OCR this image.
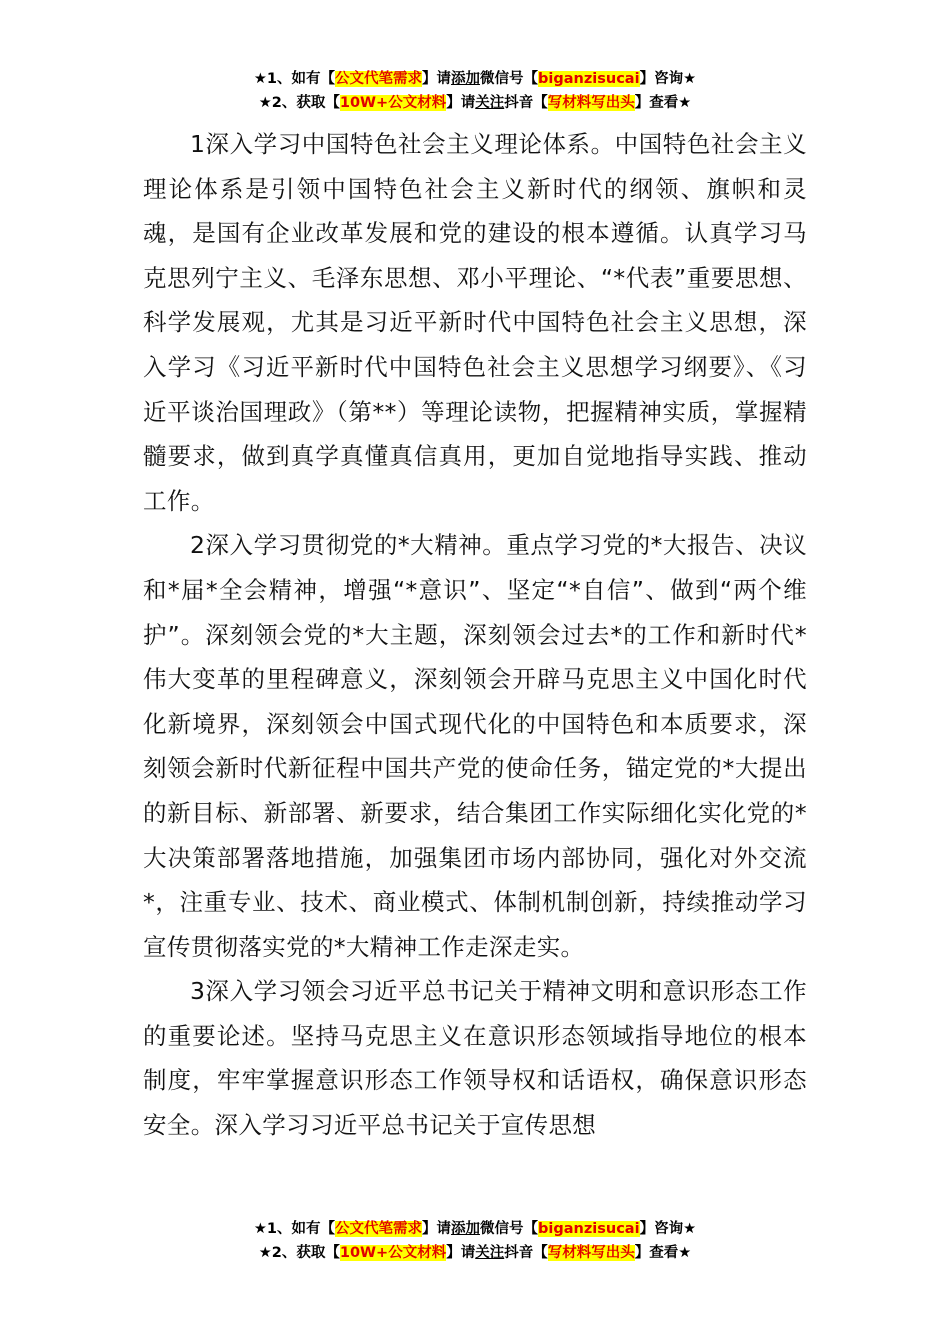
★1、如有【公文代笔需求】请添加微信号【biganzisucai】咨询★
★2、获取【10W+公文材料】请关注抖音【写材料写出头】查看★

1深入学习中国特色社会主义理论体系。中国特色社会主义理论体系是引领中国特色社会主义新时代的纲领、旗帜和灵魂，是国有企业改革发展和党的建设的根本遵循。认真学习马克思列宁主义、毛泽东思想、邓小平理论、“*代表”重要思想、科学发展观，尤其是习近平新时代中国特色社会主义思想，深入学习《习近平新时代中国特色社会主义思想学习纲要》、《习近平谈治国理政》（第**）等理论读物，把握精神实质，掌握精髓要求，做到真学真懂真信真用，更加自觉地指导实践、推动工作。

2深入学习贯彻党的*大精神。重点学习党的*大报告、决议和*届*全会精神，增强“*意识”、坚定“*自信”、做到“两个维护”。深刻领会党的*大主题，深刻领会过去*的工作和新时代*伟大变革的里程碑意义，深刻领会开辟马克思主义中国化时代化新境界，深刻领会中国式现代化的中国特色和本质要求，深刻领会新时代新征程中国共产党的使命任务，锚定党的*大提出的新目标、新部署、新要求，结合集团工作实际细化实化党的*大决策部署落地措施，加强集团市场内部协同，强化对外交流*，注重专业、技术、商业模式、体制机制创新，持续推动学习宣传贯彻落实党的*大精神工作走深走实。

3深入学习领会习近平总书记关于精神文明和意识形态工作的重要论述。坚持马克思主义在意识形态领域指导地位的根本制度，牢牢掌握意识形态工作领导权和话语权，确保意识形态安全。深入学习习近平总书记关于宣传思想

★1、如有【公文代笔需求】请添加微信号【biganzisucai】咨询★
★2、获取【10W+公文材料】请关注抖音【写材料写出头】查看★
